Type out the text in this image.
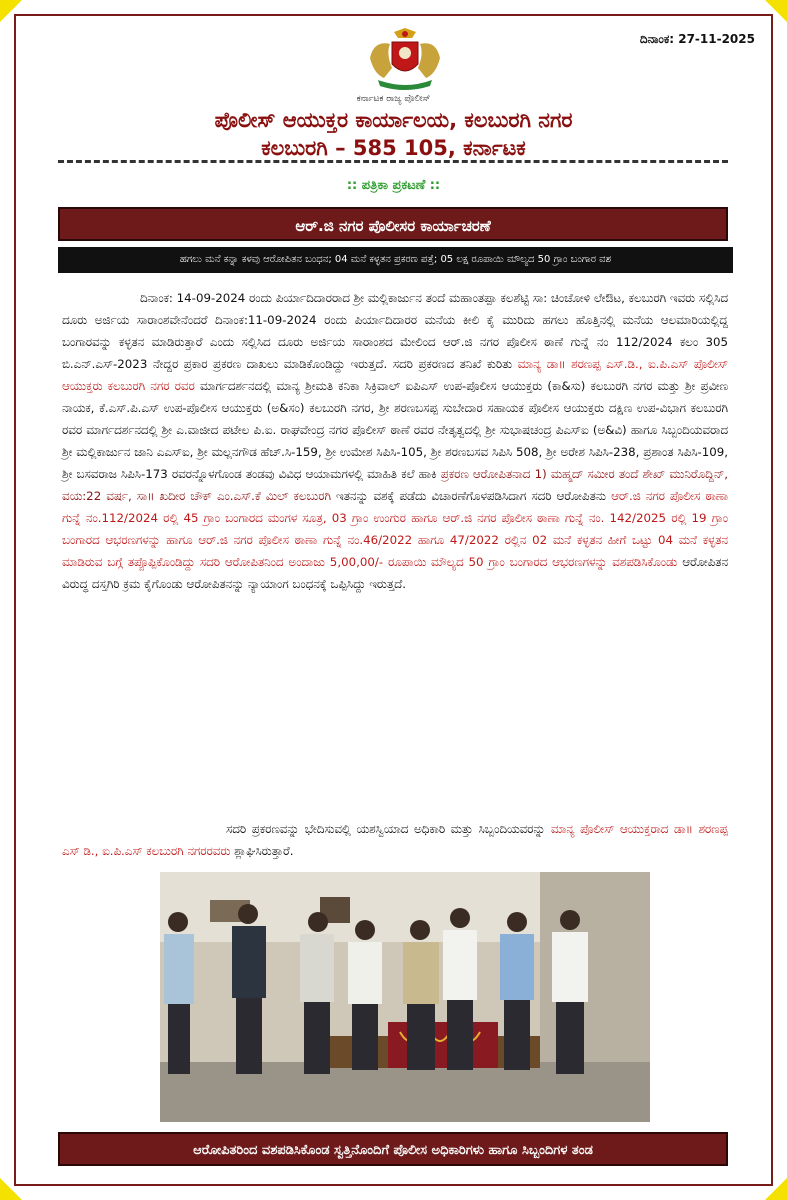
ದಿನಾಂಕ: 27-11-2025
ಕರ್ನಾಟಕ ರಾಜ್ಯ ಪೊಲೀಸ್
ಪೊಲೀಸ್ ಆಯುಕ್ತರ ಕಾರ್ಯಾಲಯ, ಕಲಬುರಗಿ ನಗರ
ಕಲಬುರಗಿ – 585 105, ಕರ್ನಾಟಕ
:: ಪತ್ರಿಕಾ ಪ್ರಕಟಣೆ ::
ಆರ್.ಜಿ ನಗರ ಪೊಲೀಸರ ಕಾರ್ಯಾಚರಣೆ
ಹಗಲು ಮನೆ ಕನ್ನಾ ಕಳವು ಆರೋಪಿತನ ಬಂಧನ; 04 ಮನೆ ಕಳ್ಳತನ ಪ್ರಕರಣ ಪತ್ತೆ; 05 ಲಕ್ಷ ರೂಪಾಯಿ ಮೌಲ್ಯದ 50 ಗ್ರಾಂ ಬಂಗಾರ ವಶ

ದಿನಾಂಕ: 14-09-2024 ರಂದು ಪಿರ್ಯಾದಿದಾರರಾದ ಶ್ರೀ ಮಲ್ಲಿಕಾರ್ಜುನ ತಂದೆ ಮಹಾಂತಪ್ಪಾ ಕಲಶೆಟ್ಟಿ ಸಾ: ಚಿಂಚೋಳಿ ಲೇಔಟ, ಕಲಬುರಗಿ ಇವರು ಸಲ್ಲಿಸಿದ ದೂರು ಅರ್ಜಿಯ ಸಾರಾಂಶವೇನೆಂದರೆ ದಿನಾಂಕ:11-09-2024 ರಂದು ಪಿರ್ಯಾದಿದಾರರ ಮನೆಯ ಕೀಲಿ ಕೈ ಮುರಿದು ಹಗಲು ಹೊತ್ತಿನಲ್ಲಿ ಮನೆಯ ಆಲಮಾರಿಯಲ್ಲಿದ್ದ ಬಂಗಾರವನ್ನು ಕಳ್ಳತನ ಮಾಡಿರುತ್ತಾರೆ ಎಂದು ಸಲ್ಲಿಸಿದ ದೂರು ಅರ್ಜಿಯ ಸಾರಾಂಶದ ಮೇಲಿಂದ ಆರ್.ಜಿ ನಗರ ಪೊಲೀಸ ಠಾಣೆ ಗುನ್ನೆ ನಂ 112/2024 ಕಲಂ 305 ಬಿ.ಎನ್.ಎಸ್-2023 ನೇದ್ದರ ಪ್ರಕಾರ ಪ್ರಕರಣ ದಾಖಲು ಮಾಡಿಕೊಂಡಿದ್ದು ಇರುತ್ತದೆ. ಸದರಿ ಪ್ರಕರಣದ ತನಿಖೆ ಕುರಿತು ಮಾನ್ಯ ಡಾ॥ ಶರಣಪ್ಪ ಎಸ್.ಡಿ., ಐ.ಪಿ.ಎಸ್ ಪೊಲೀಸ್ ಆಯುಕ್ತರು ಕಲಬುರಗಿ ನಗರ ರವರ ಮಾರ್ಗದರ್ಶನದಲ್ಲಿ ಮಾನ್ಯ ಶ್ರೀಮತಿ ಕನಿಕಾ ಸಿಕ್ರಿವಾಲ್ ಐಪಿಎಸ್ ಉಪ-ಪೊಲೀಸ ಆಯುಕ್ತರು (ಕಾ&ಸು) ಕಲಬುರಗಿ ನಗರ ಮತ್ತು ಶ್ರೀ ಪ್ರವೀಣ ನಾಯಕ, ಕೆ.ಎಸ್.ಪಿ.ಎಸ್ ಉಪ-ಪೊಲೀಸ ಆಯುಕ್ತರು (ಅ&ಸಂ) ಕಲಬುರಗಿ ನಗರ, ಶ್ರೀ ಶರಣಬಸಪ್ಪ ಸುಬೇದಾರ ಸಹಾಯಕ ಪೊಲೀಸ ಆಯುಕ್ತರು ದಕ್ಷಿಣ ಉಪ-ವಿಭಾಗ ಕಲಬುರಗಿ ರವರ ಮಾರ್ಗದರ್ಶನದಲ್ಲಿ ಶ್ರೀ ಎ.ವಾಜೀದ ಪಟೇಲ ಪಿ.ಐ. ರಾಘವೇಂದ್ರ ನಗರ ಪೊಲೀಸ್ ಠಾಣೆ ರವರ ನೇತೃತ್ವದಲ್ಲಿ ಶ್ರೀ ಸುಭಾಷಚಂದ್ರ ಪಿಎಸ್ಐ (ಅ&ವಿ) ಹಾಗೂ ಸಿಬ್ಬಂದಿಯವರಾದ ಶ್ರೀ ಮಲ್ಲಿಕಾರ್ಜುನ ಜಾನಿ ಎಎಸ್ಐ, ಶ್ರೀ ಮಲ್ಲನಗೌಡ ಹೆಚ್.ಸಿ-159, ಶ್ರೀ ಉಮೇಶ ಸಿಪಿಸಿ-105, ಶ್ರೀ ಶರಣಬಸವ ಸಿಪಿಸಿ 508, ಶ್ರೀ ಅರೇಶ ಸಿಪಿಸಿ-238, ಪ್ರಶಾಂತ ಸಿಪಿಸಿ-109, ಶ್ರೀ ಬಸವರಾಜ ಸಿಪಿಸಿ-173 ರವರನ್ನೊಳಗೊಂಡ ತಂಡವು ವಿವಿಧ ಆಯಾಮಗಳಲ್ಲಿ ಮಾಹಿತಿ ಕಲೆ ಹಾಕಿ ಪ್ರಕರಣ ಆರೋಪಿತನಾದ 1) ಮಹ್ಮದ್ ಸಮೀರ ತಂದೆ ಶೇಖ್ ಮುನಿರೊದ್ದಿನ್, ವಯ:22 ವರ್ಷ, ಸಾ॥ ಖದೀರ ಚೌಕ್ ಎಂ.ಎಸ್.ಕೆ ಮಿಲ್ ಕಲಬುರಗಿ ಇತನನ್ನು ವಶಕ್ಕೆ ಪಡೆದು ವಿಚಾರಣೆಗೊಳಪಡಿಸಿದಾಗ ಸದರಿ ಆರೋಪಿತನು ಆರ್.ಜಿ ನಗರ ಪೊಲೀಸ ಠಾಣಾ ಗುನ್ನೆ ನಂ.112/2024 ರಲ್ಲಿ 45 ಗ್ರಾಂ ಬಂಗಾರದ ಮಂಗಳ ಸೂತ್ರ, 03 ಗ್ರಾಂ ಉಂಗುರ ಹಾಗೂ ಆರ್.ಜಿ ನಗರ ಪೊಲೀಸ ಠಾಣಾ ಗುನ್ನೆ ನಂ. 142/2025 ರಲ್ಲಿ 19 ಗ್ರಾಂ ಬಂಗಾರದ ಆಭರಣಗಳನ್ನು ಹಾಗೂ ಆರ್.ಜಿ ನಗರ ಪೊಲೀಸ ಠಾಣಾ ಗುನ್ನೆ ನಂ.46/2022 ಹಾಗೂ 47/2022 ರಲ್ಲಿನ 02 ಮನೆ ಕಳ್ಳತನ ಹೀಗೆ ಒಟ್ಟು 04 ಮನೆ ಕಳ್ಳತನ ಮಾಡಿರುವ ಬಗ್ಗೆ ತಪ್ಪೊಪ್ಪಿಕೊಂಡಿದ್ದು ಸದರಿ ಆರೋಪಿತನಿಂದ ಅಂದಾಜು 5,00,00/- ರೂಪಾಯಿ ಮೌಲ್ಯದ 50 ಗ್ರಾಂ ಬಂಗಾರದ ಆಭರಣಗಳನ್ನು ವಶಪಡಿಸಿಕೊಂಡು ಆರೋಪಿತನ ವಿರುದ್ಧ ದಸ್ತಗಿರಿ ಕ್ರಮ ಕೈಗೊಂಡು ಆರೋಪಿತನನ್ನು ನ್ಯಾಯಾಂಗ ಬಂಧನಕ್ಕೆ ಒಪ್ಪಿಸಿದ್ದು ಇರುತ್ತದೆ.

ಸದರಿ ಪ್ರಕರಣವನ್ನು ಭೇದಿಸುವಲ್ಲಿ ಯಶಸ್ವಿಯಾದ ಅಧಿಕಾರಿ ಮತ್ತು ಸಿಬ್ಬಂದಿಯವರನ್ನು ಮಾನ್ಯ ಪೊಲೀಸ್ ಆಯುಕ್ತರಾದ ಡಾ॥ ಶರಣಪ್ಪ ಎಸ್ ಡಿ., ಐ.ಪಿ.ಎಸ್ ಕಲಬುರಗಿ ನಗರರವರು ಶ್ಲಾಘಿಸಿರುತ್ತಾರೆ.
ಆರೋಪಿತರಿಂದ ವಶಪಡಿಸಿಕೊಂಡ ಸ್ವತ್ತಿನೊಂದಿಗೆ ಪೊಲೀಸ ಅಧಿಕಾರಿಗಳು ಹಾಗೂ ಸಿಬ್ಬಂದಿಗಳ ತಂಡ
